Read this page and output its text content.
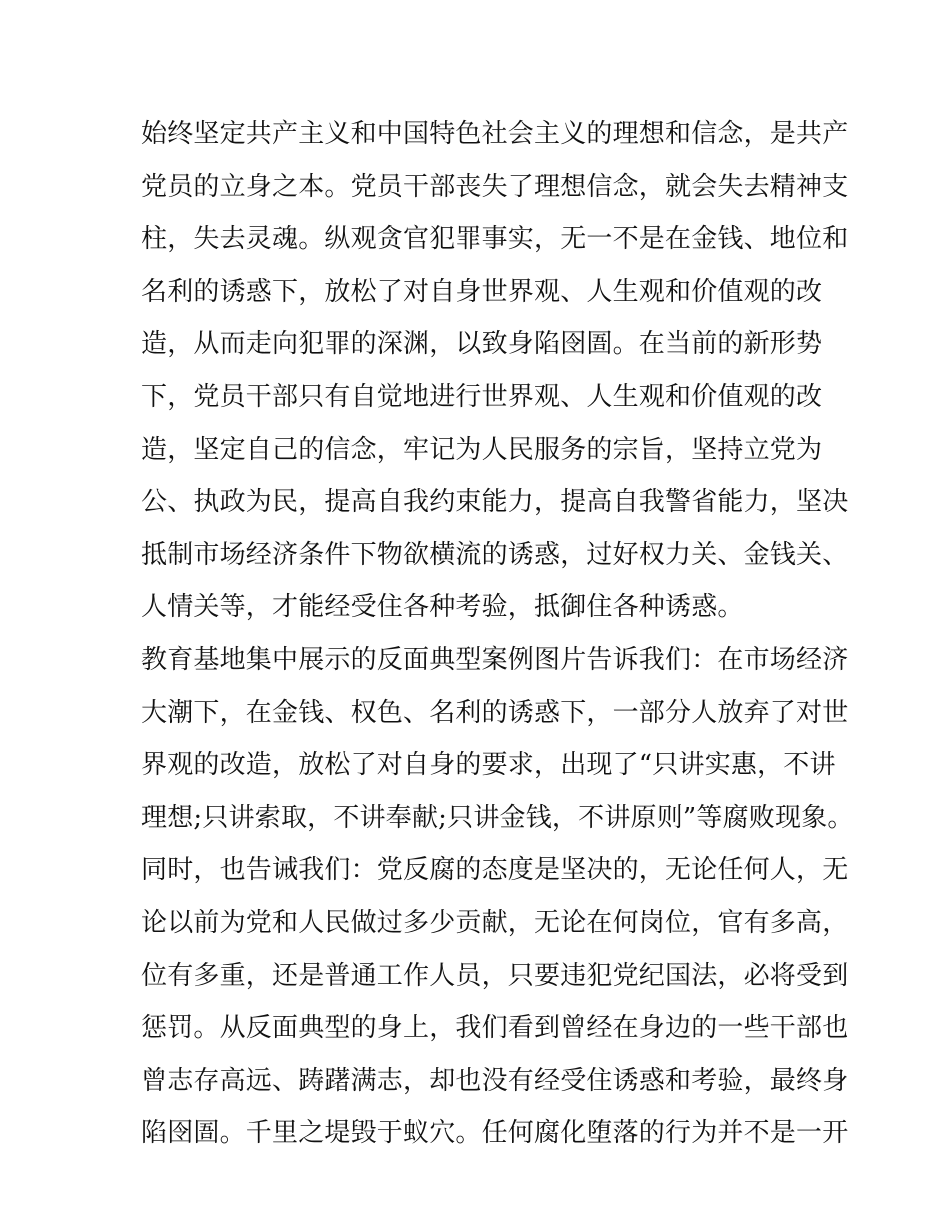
始终坚定共产主义和中国特色社会主义的理想和信念，是共产
党员的立身之本。党员干部丧失了理想信念，就会失去精神支
柱，失去灵魂。纵观贪官犯罪事实，无一不是在金钱、地位和
名利的诱惑下，放松了对自身世界观、人生观和价值观的改
造，从而走向犯罪的深渊，以致身陷囹圄。在当前的新形势
下，党员干部只有自觉地进行世界观、人生观和价值观的改
造，坚定自己的信念，牢记为人民服务的宗旨，坚持立党为
公、执政为民，提高自我约束能力，提高自我警省能力，坚决
抵制市场经济条件下物欲横流的诱惑，过好权力关、金钱关、
人情关等，才能经受住各种考验，抵御住各种诱惑。
教育基地集中展示的反面典型案例图片告诉我们：在市场经济
大潮下，在金钱、权色、名利的诱惑下，一部分人放弃了对世
界观的改造，放松了对自身的要求，出现了“只讲实惠，不讲
理想;只讲索取，不讲奉献;只讲金钱，不讲原则”等腐败现象。
同时，也告诫我们：党反腐的态度是坚决的，无论任何人，无
论以前为党和人民做过多少贡献，无论在何岗位，官有多高，
位有多重，还是普通工作人员，只要违犯党纪国法，必将受到
惩罚。从反面典型的身上，我们看到曾经在身边的一些干部也
曾志存高远、踌躇满志，却也没有经受住诱惑和考验，最终身
陷囹圄。千里之堤毁于蚁穴。任何腐化堕落的行为并不是一开
